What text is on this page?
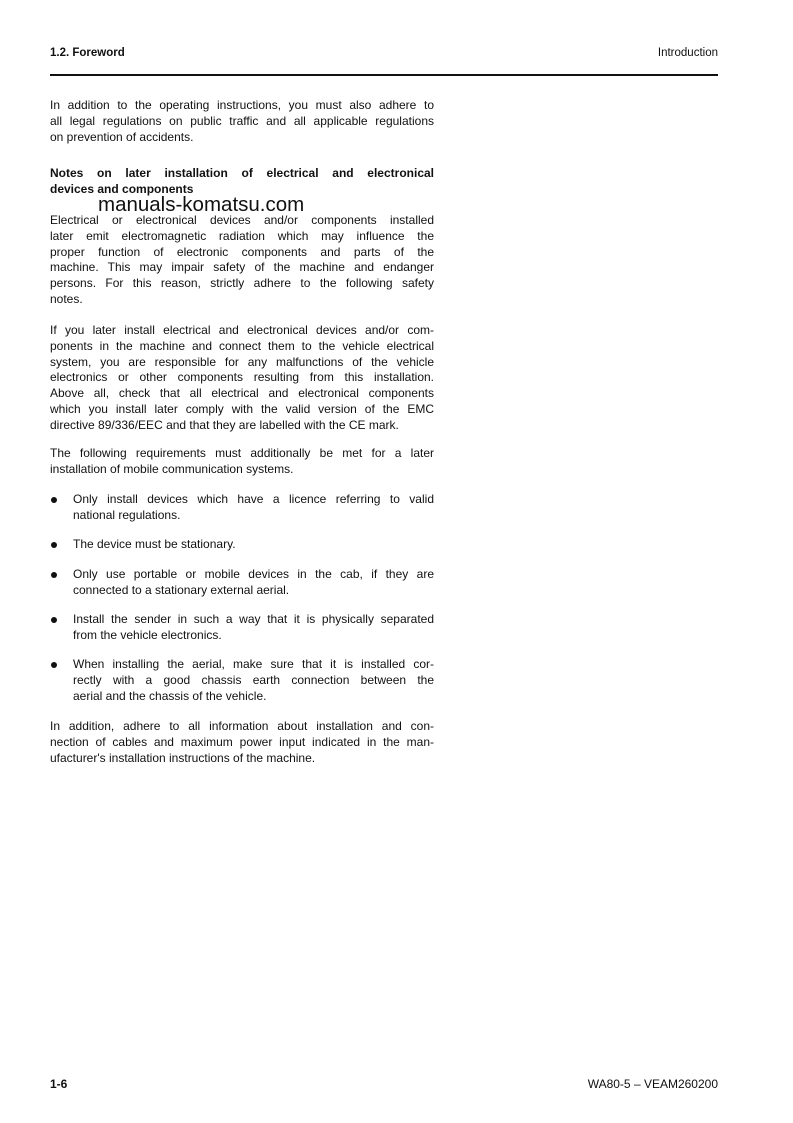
1.2. Foreword	Introduction
In addition to the operating instructions, you must also adhere to
all legal regulations on public traffic and all applicable regulations
on prevention of accidents.
Notes on later installation of electrical and electronical
devices and components
manuals-komatsu.com
Electrical or electronical devices and/or components installed
later emit electromagnetic radiation which may influence the
proper function of electronic components and parts of the
machine. This may impair safety of the machine and endanger
persons. For this reason, strictly adhere to the following safety
notes.
If you later install electrical and electronical devices and/or com-
ponents in the machine and connect them to the vehicle electrical
system, you are responsible for any malfunctions of the vehicle
electronics or other components resulting from this installation.
Above all, check that all electrical and electronical components
which you install later comply with the valid version of the EMC
directive 89/336/EEC and that they are labelled with the CE mark.
The following requirements must additionally be met for a later
installation of mobile communication systems.
Only install devices which have a licence referring to valid
national regulations.
The device must be stationary.
Only use portable or mobile devices in the cab, if they are
connected to a stationary external aerial.
Install the sender in such a way that it is physically separated
from the vehicle electronics.
When installing the aerial, make sure that it is installed cor-
rectly with a good chassis earth connection between the
aerial and the chassis of the vehicle.
In addition, adhere to all information about installation and con-
nection of cables and maximum power input indicated in the man-
ufacturer's installation instructions of the machine.
1-6	WA80-5 – VEAM260200
